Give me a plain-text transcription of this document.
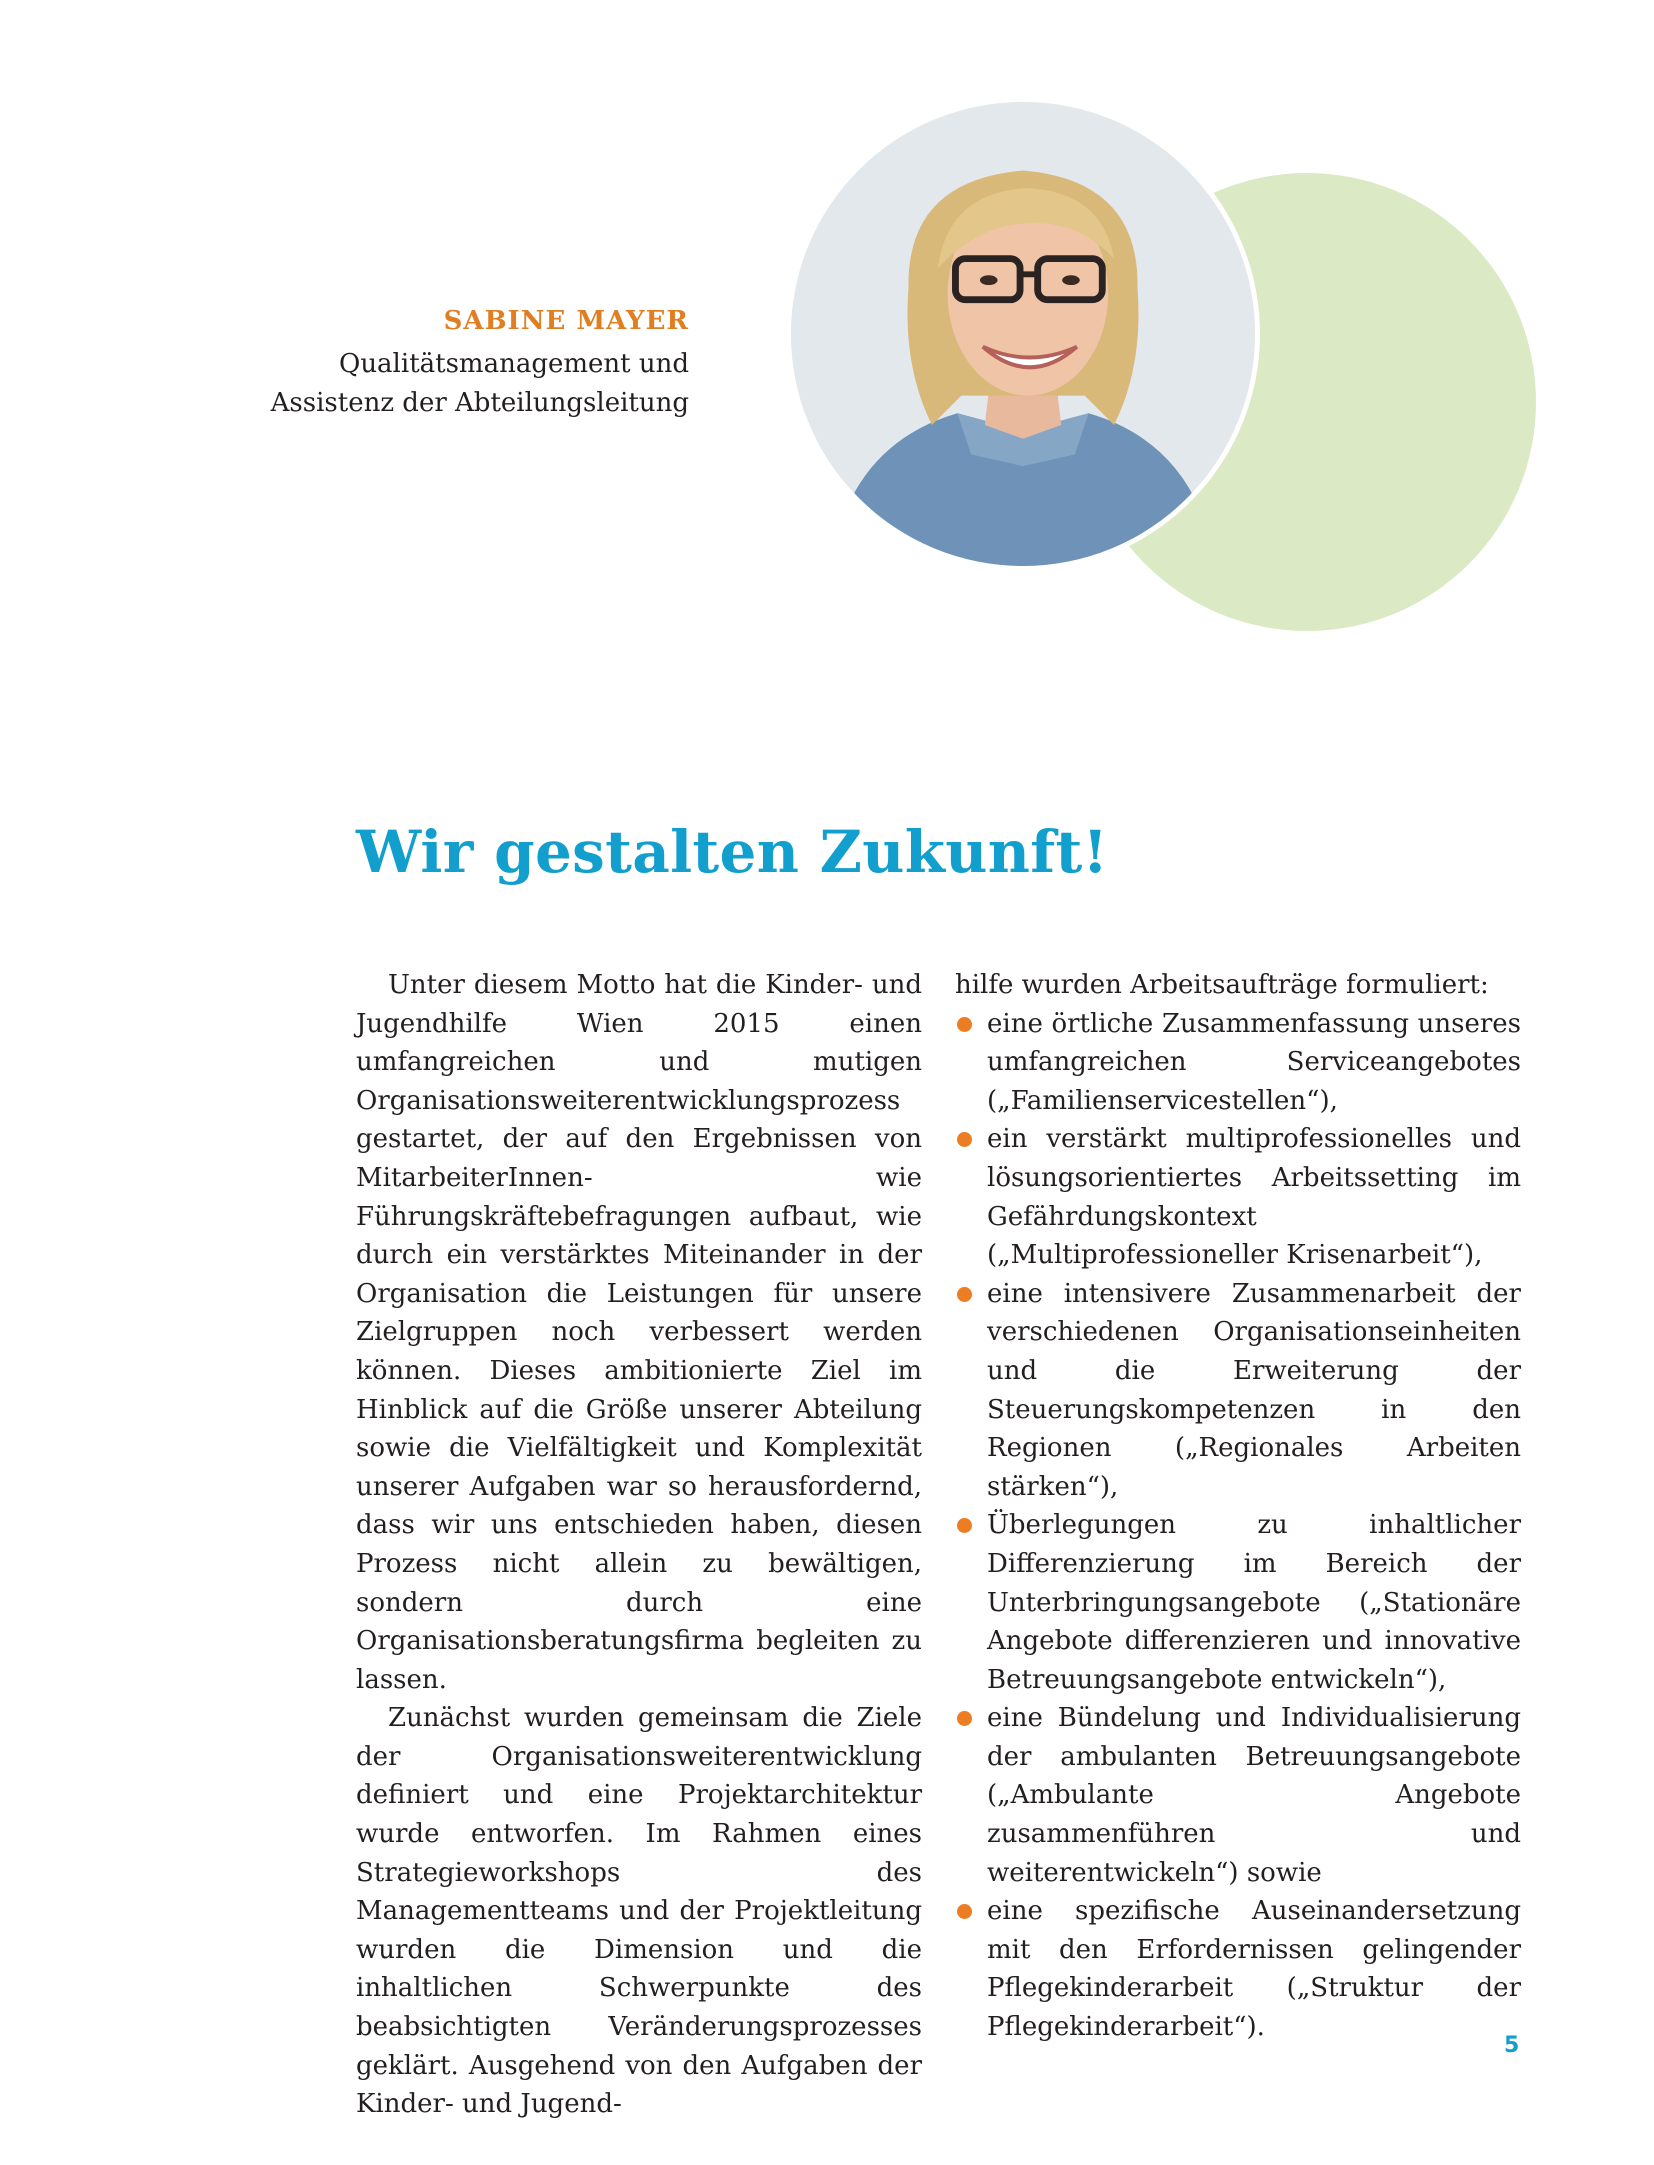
SABINE MAYER
Qualitätsmanagement und
Assistenz der Abteilungsleitung
Wir gestalten Zukunft!

Unter diesem Motto hat die Kinder- und Jugendhilfe Wien 2015 einen umfangreichen und mutigen Organisationsweiterentwicklungsprozess gestartet, der auf den Ergebnissen von MitarbeiterInnen- wie Führungskräftebefragungen aufbaut, wie durch ein verstärktes Miteinander in der Organisation die Leistungen für unsere Zielgruppen noch verbessert werden können. Dieses ambitionierte Ziel im Hinblick auf die Größe unserer Abteilung sowie die Vielfältigkeit und Komplexität unserer Aufgaben war so herausfordernd, dass wir uns entschieden haben, diesen Prozess nicht allein zu bewältigen, sondern durch eine Organisationsberatungsfirma begleiten zu lassen.

Zunächst wurden gemeinsam die Ziele der Organisationsweiterentwicklung definiert und eine Projektarchitektur wurde entworfen. Im Rahmen eines Strategieworkshops des Managementteams und der Projektleitung wurden die Dimension und die inhaltlichen Schwerpunkte des beabsichtigten Veränderungsprozesses geklärt. Ausgehend von den Aufgaben der Kinder- und Jugend-

hilfe wurden Arbeitsaufträge formuliert:

eine örtliche Zusammenfassung unseres umfangreichen Serviceangebotes („Familienservicestellen“),
ein verstärkt multiprofessionelles und lösungsorientiertes Arbeitssetting im Gefährdungskontext („Multiprofessioneller Krisenarbeit“),
eine intensivere Zusammenarbeit der verschiedenen Organisationseinheiten und die Erweiterung der Steuerungskompetenzen in den Regionen („Regionales Arbeiten stärken“),
Überlegungen zu inhaltlicher Differenzierung im Bereich der Unterbringungsangebote („Stationäre Angebote differenzieren und innovative Betreuungsangebote entwickeln“),
eine Bündelung und Individualisierung der ambulanten Betreuungsangebote („Ambulante Angebote zusammenführen und weiterentwickeln“) sowie
eine spezifische Auseinandersetzung mit den Erfordernissen gelingender Pflegekinderarbeit („Struktur der Pflegekinderarbeit“).
5
